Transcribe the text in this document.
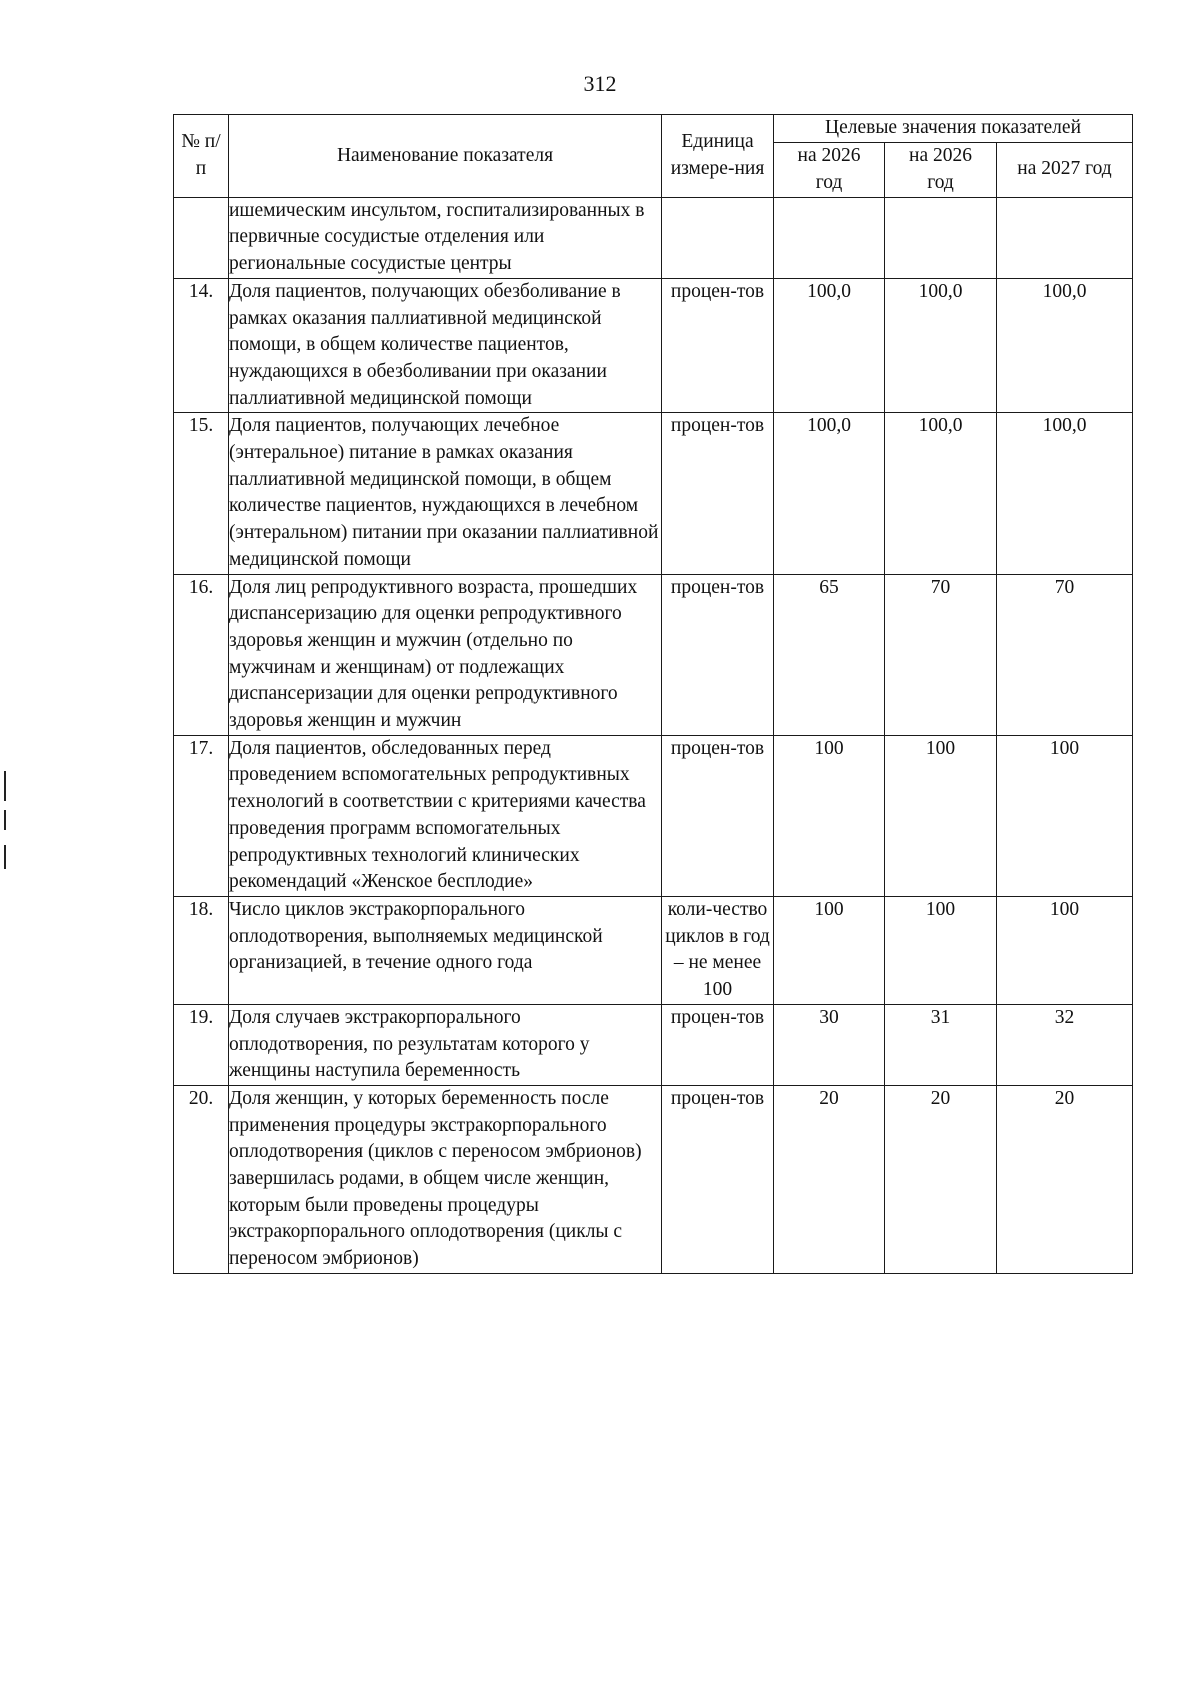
312
№ п/п	Наименование показателя	Единица измере-ния	Целевые значения показателей		
			на 2026 год	на 2026 год	на 2027 год
	ишемическим инсультом, госпитализированных в первичные сосудистые отделения или региональные сосудистые центры				
14.	Доля пациентов, получающих обезболивание в рамках оказания паллиативной медицинской помощи, в общем количестве пациентов, нуждающихся в обезболивании при оказании паллиативной медицинской помощи	процен-тов	100,0	100,0	100,0
15.	Доля пациентов, получающих лечебное (энтеральное) питание в рамках оказания паллиативной медицинской помощи, в общем количестве пациентов, нуждающихся в лечебном (энтеральном) питании при оказании паллиативной медицинской помощи	процен-тов	100,0	100,0	100,0
16.	Доля лиц репродуктивного возраста, прошедших диспансеризацию для оценки репродуктивного здоровья женщин и мужчин (отдельно по мужчинам и женщинам) от подлежащих диспансеризации для оценки репродуктивного здоровья женщин и мужчин	процен-тов	65	70	70
17.	Доля пациентов, обследованных перед проведением вспомогательных репродуктивных технологий в соответствии с критериями качества проведения программ вспомогательных репродуктивных технологий клинических рекомендаций «Женское бесплодие»	процен-тов	100	100	100
18.	Число циклов экстракорпорального оплодотворения, выполняемых медицинской организацией, в течение одного года	коли-чество циклов в год – не менее 100	100	100	100
19.	Доля случаев экстракорпорального оплодотворения, по результатам которого у женщины наступила беременность	процен-тов	30	31	32
20.	Доля женщин, у которых беременность после применения процедуры экстракорпорального оплодотворения (циклов с переносом эмбрионов) завершилась родами, в общем числе женщин, которым были проведены процедуры экстракорпорального оплодотворения (циклы с переносом эмбрионов)	процен-тов	20	20	20
